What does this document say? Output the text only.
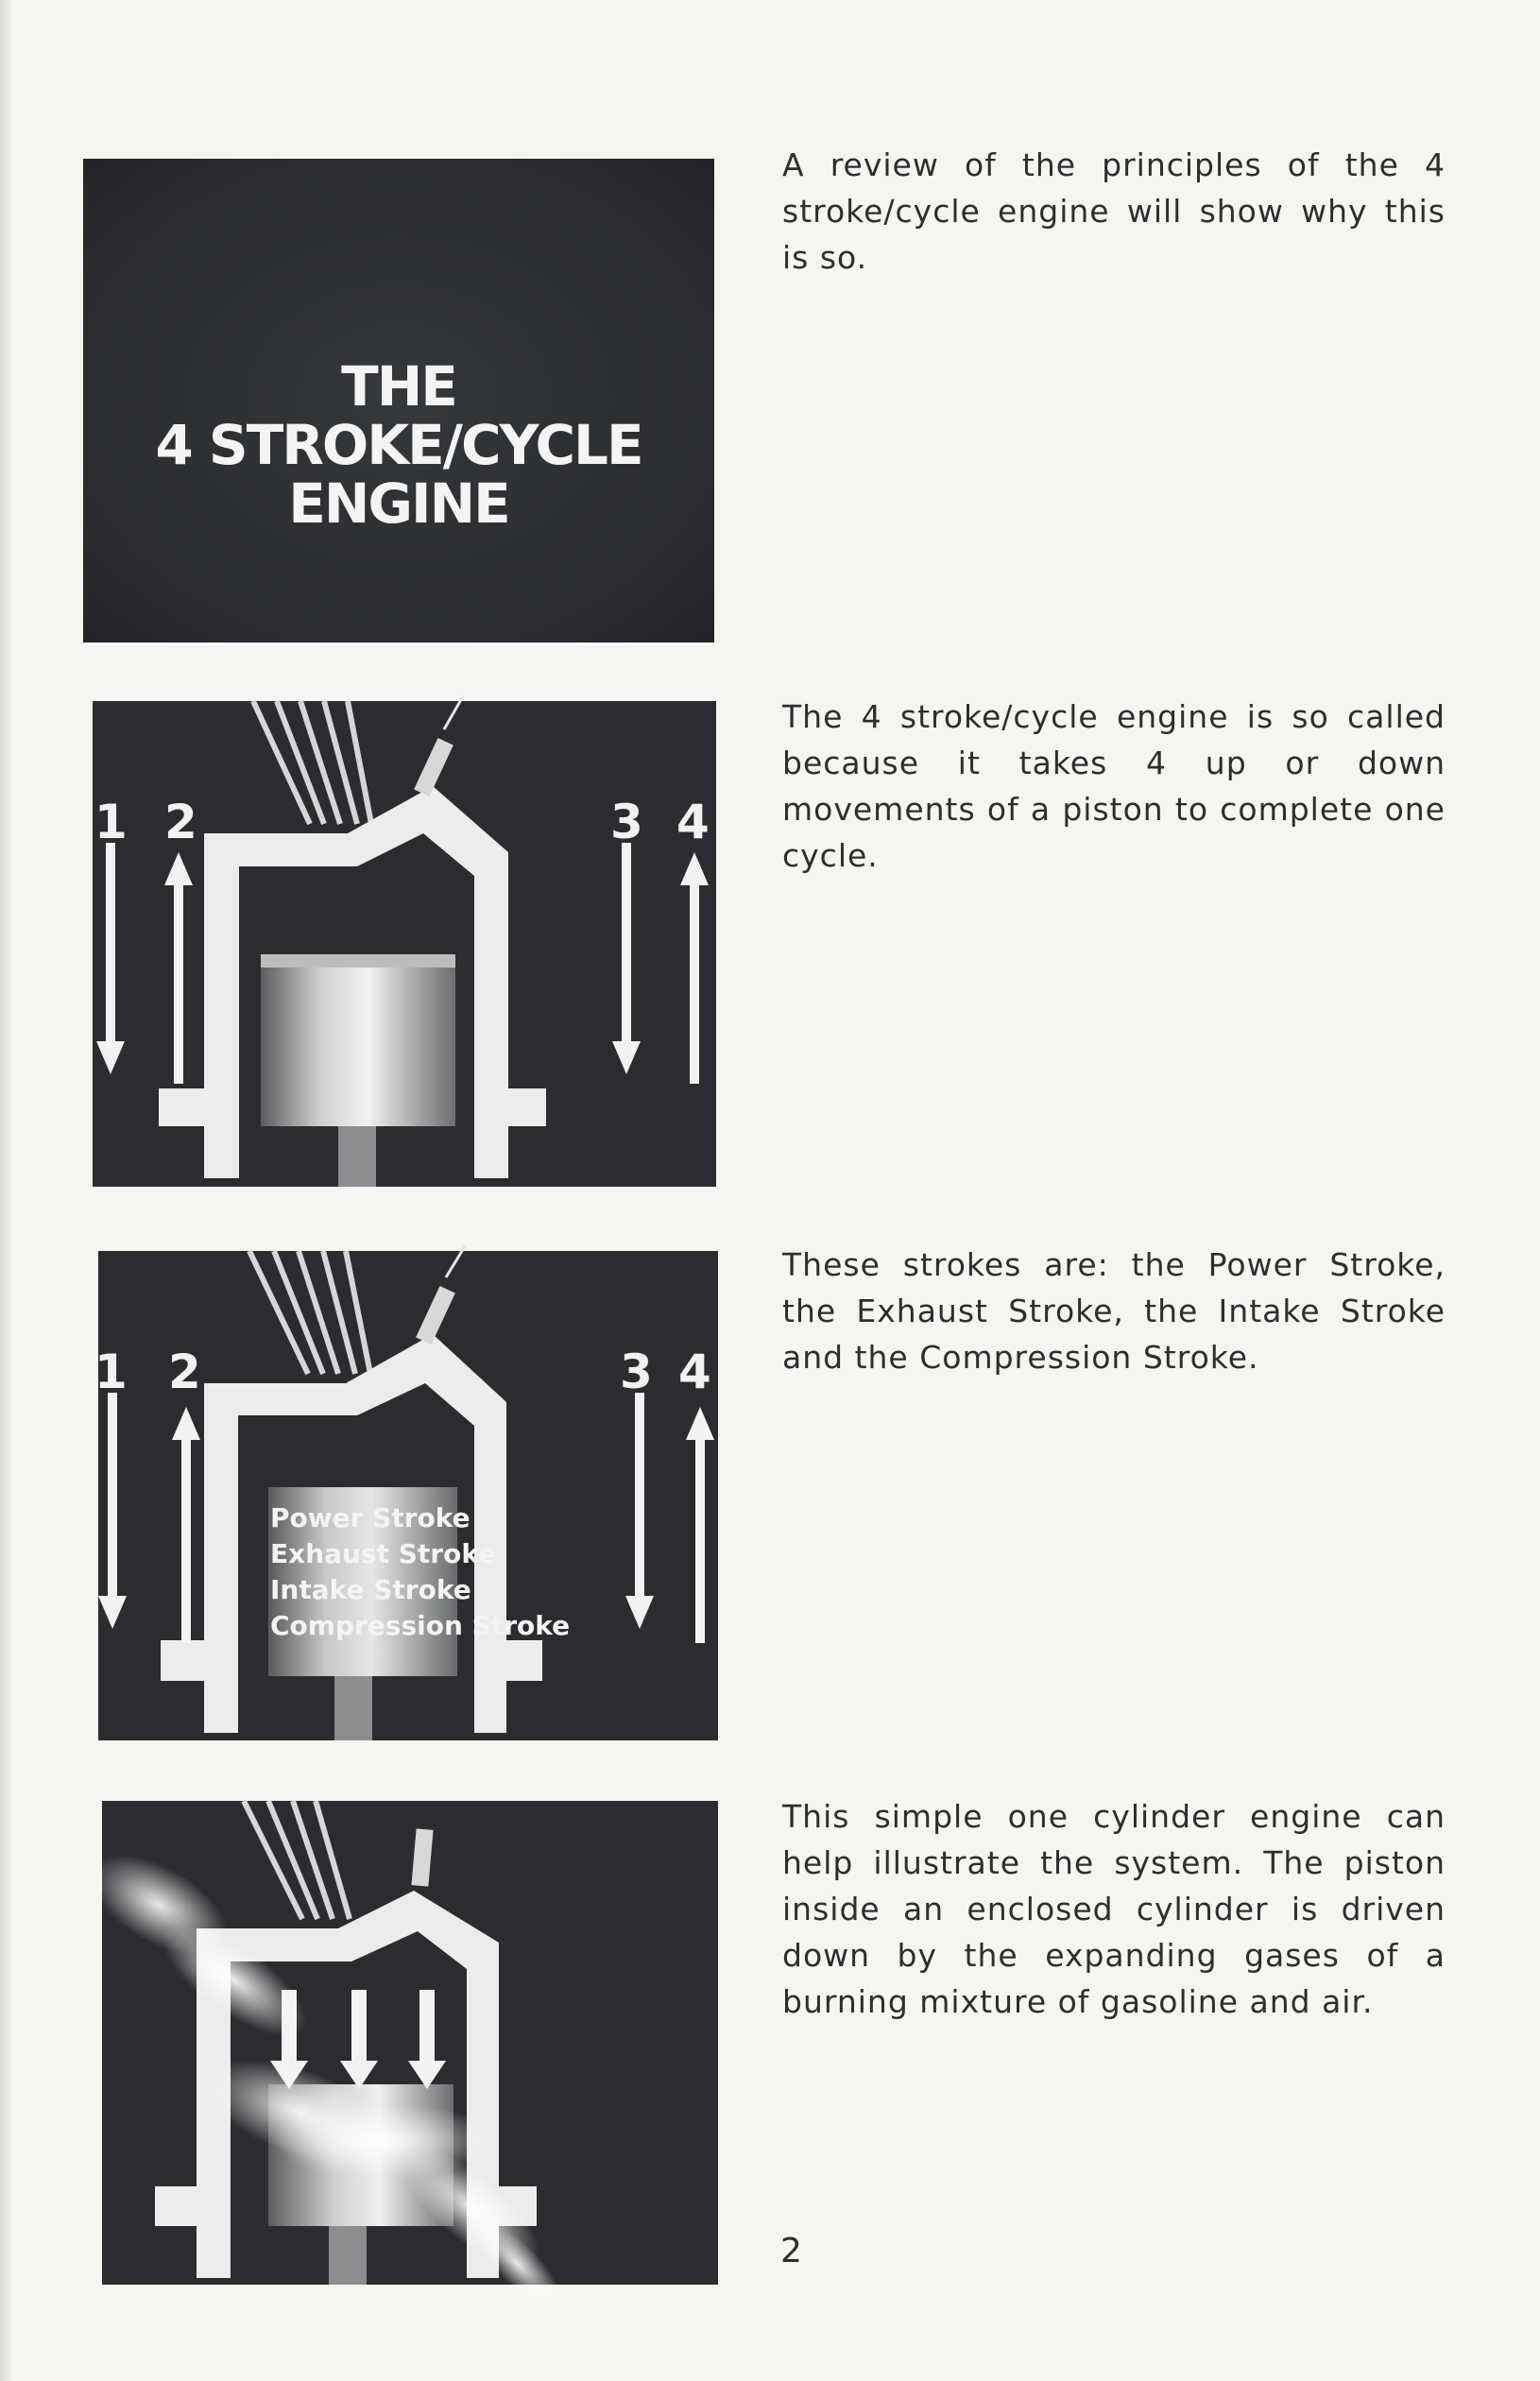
THE
4 STROKE/CYCLE
ENGINE
1 2	3 4
Power Stroke
Exhaust Stroke
Intake Stroke
Compression Stroke
1 2	3 4
A review of the principles of the 4 stroke/cycle engine will show why this is so.
The 4 stroke/cycle engine is so called because it takes 4 up or down movements of a piston to complete one cycle.
These strokes are: the Power Stroke, the Exhaust Stroke, the Intake Stroke and the Compression Stroke.
This simple one cylinder engine can help illustrate the system. The piston inside an enclosed cylinder is driven down by the expanding gases of a burning mixture of gasoline and air.
2
